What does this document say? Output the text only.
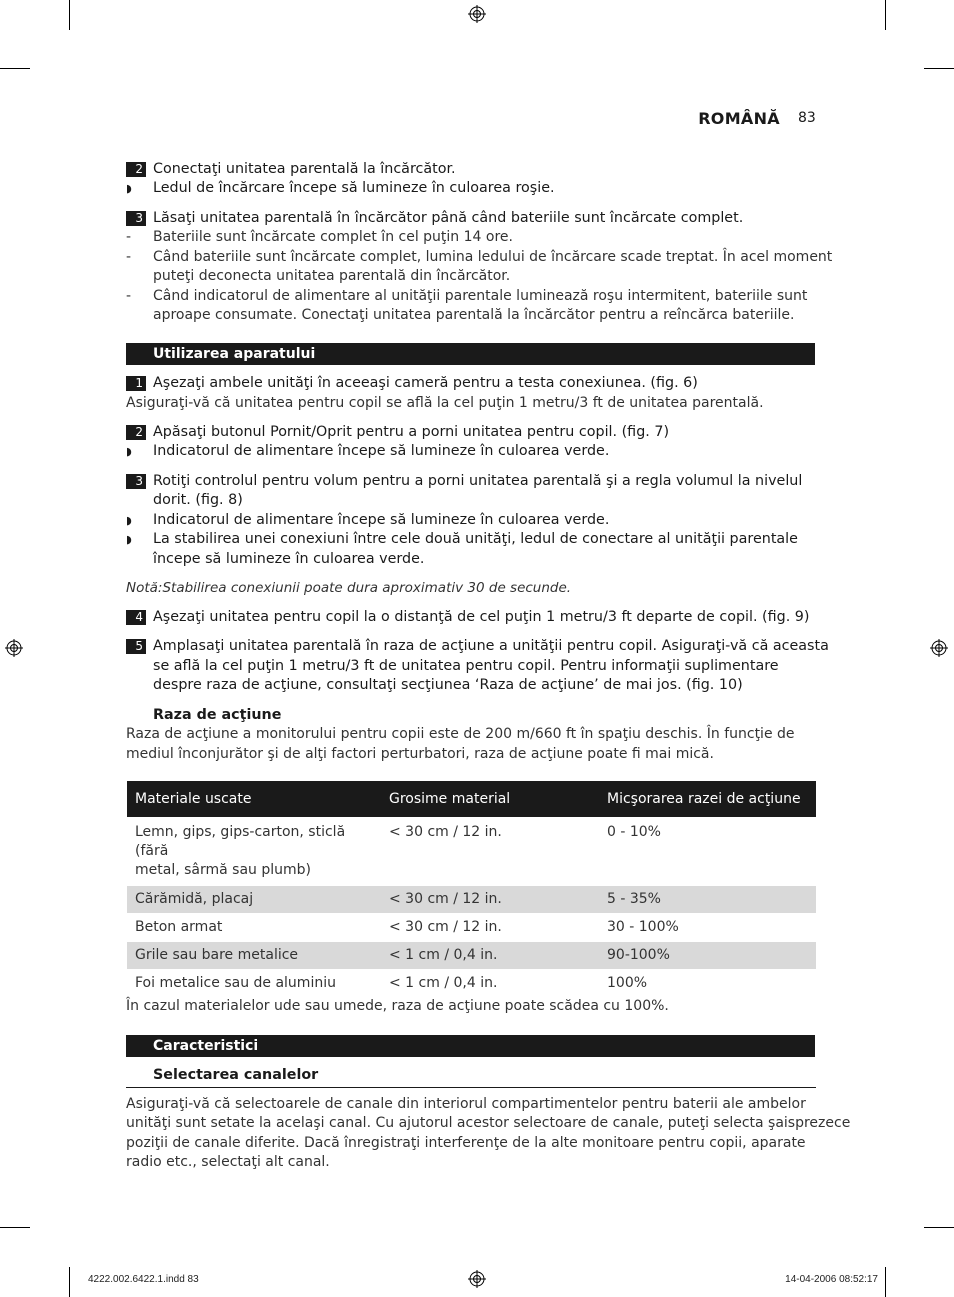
ROMÂNĂ 83
2 Conectaţi unitatea parentală la încărcător.
◗ Ledul de încărcare începe să lumineze în culoarea roşie.
3 Lăsaţi unitatea parentală în încărcător până când bateriile sunt încărcate complet.
- Bateriile sunt încărcate complet în cel puţin 14 ore.
- Când bateriile sunt încărcate complet, lumina ledului de încărcare scade treptat. În acel moment
puteţi deconecta unitatea parentală din încărcător.
- Când indicatorul de alimentare al unităţii parentale luminează roşu intermitent, bateriile sunt
aproape consumate. Conectaţi unitatea parentală la încărcător pentru a reîncărca bateriile.
Utilizarea aparatului
1 Aşezaţi ambele unităţi în aceeaşi cameră pentru a testa conexiunea. (fig. 6)
Asiguraţi-vă că unitatea pentru copil se află la cel puţin 1 metru/3 ft de unitatea parentală.
2 Apăsaţi butonul Pornit/Oprit pentru a porni unitatea pentru copil. (fig. 7)
◗ Indicatorul de alimentare începe să lumineze în culoarea verde.
3 Rotiţi controlul pentru volum pentru a porni unitatea parentală şi a regla volumul la nivelul
dorit. (fig. 8)
◗ Indicatorul de alimentare începe să lumineze în culoarea verde.
◗ La stabilirea unei conexiuni între cele două unităţi, ledul de conectare al unităţii parentale
începe să lumineze în culoarea verde.
Notă:Stabilirea conexiunii poate dura aproximativ 30 de secunde.
4 Aşezaţi unitatea pentru copil la o distanţă de cel puţin 1 metru/3 ft departe de copil. (fig. 9)
5 Amplasaţi unitatea parentală în raza de acţiune a unităţii pentru copil. Asiguraţi-vă că aceasta
se află la cel puţin 1 metru/3 ft de unitatea pentru copil. Pentru informaţii suplimentare
despre raza de acţiune, consultaţi secţiunea ‘Raza de acţiune’ de mai jos. (fig. 10)
Raza de acţiune
Raza de acţiune a monitorului pentru copii este de 200 m/660 ft în spaţiu deschis. În funcţie de
mediul înconjurător şi de alţi factori perturbatori, raza de acţiune poate fi mai mică.
Materiale uscate	Grosime material	Micşorarea razei de acţiune

Lemn, gips, gips-carton, sticlă (fără
metal, sârmă sau plumb)	< 30 cm / 12 in.	0 - 10%
Cărămidă, placaj	< 30 cm / 12 in.	5 - 35%
Beton armat	< 30 cm / 12 in.	30 - 100%
Grile sau bare metalice	< 1 cm / 0,4 in.	90-100%
Foi metalice sau de aluminiu	< 1 cm / 0,4 in.	100%
În cazul materialelor ude sau umede, raza de acţiune poate scădea cu 100%.
Caracteristici
Selectarea canalelor
Asiguraţi-vă că selectoarele de canale din interiorul compartimentelor pentru baterii ale ambelor
unităţi sunt setate la acelaşi canal. Cu ajutorul acestor selectoare de canale, puteţi selecta şaisprezece
poziţii de canale diferite. Dacă înregistraţi interferenţe de la alte monitoare pentru copii, aparate
radio etc., selectaţi alt canal.
4222.002.6422.1.indd 83	14-04-2006 08:52:17
